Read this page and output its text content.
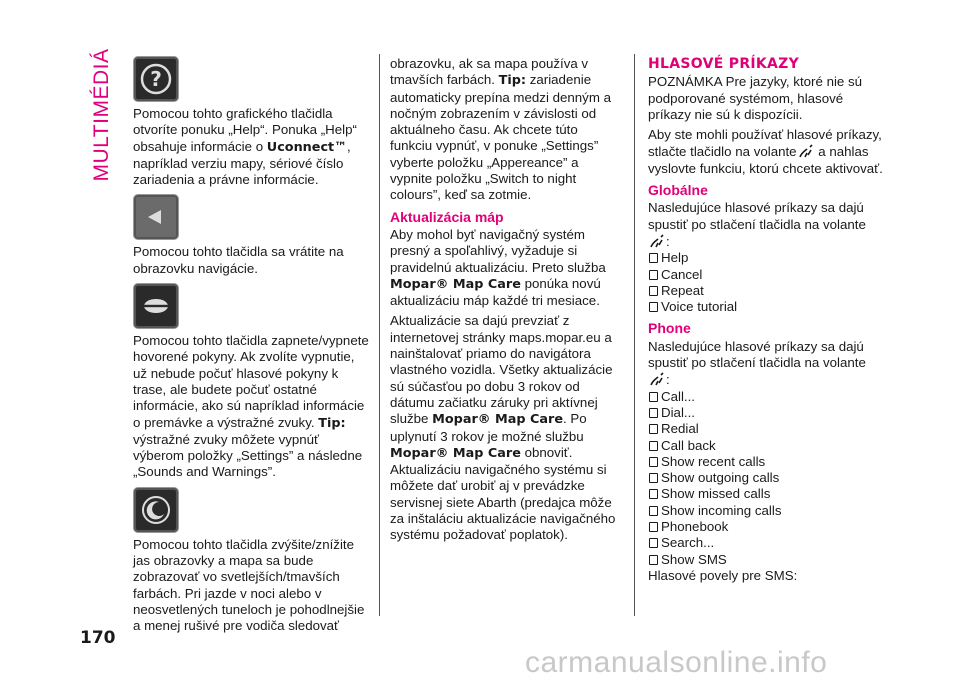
MULTIMÉDIÁ
170
?

Pomocou tohto grafického tlačidla otvoríte ponuku „Help“. Ponuka „Help“ obsahuje informácie o Uconnect™, napríklad verziu mapy, sériové číslo zariadenia a právne informácie.

Pomocou tohto tlačidla sa vrátite na obrazovku navigácie.

Pomocou tohto tlačidla zapnete/vypnete hovorené pokyny. Ak zvolíte vypnutie, už nebude počuť hlasové pokyny k trase, ale budete počuť ostatné informácie, ako sú napríklad informácie o premávke a výstražné zvuky. Tip: výstražné zvuky môžete vypnúť výberom položky „Settings” a následne „Sounds and Warnings”.

Pomocou tohto tlačidla zvýšite/znížite jas obrazovky a mapa sa bude zobrazovať vo svetlejších/tmavších farbách. Pri jazde v noci alebo v neosvetlených tuneloch je pohodlnejšie a menej rušivé pre vodiča sledovať

obrazovku, ak sa mapa používa v tmavších farbách. Tip: zariadenie automaticky prepína medzi denným a nočným zobrazením v závislosti od aktuálneho času. Ak chcete túto funkciu vypnúť, v ponuke „Settings” vyberte položku „Appereance” a vypnite položku „Switch to night colours”, keď sa zotmie.

Aktualizácia máp

Aby mohol byť navigačný systém presný a spoľahlivý, vyžaduje si pravidelnú aktualizáciu. Preto služba Mopar® Map Care ponúka novú aktualizáciu máp každé tri mesiace.

Aktualizácie sa dajú prevziať z internetovej stránky maps.mopar.eu a nainštalovať priamo do navigátora vlastného vozidla. Všetky aktualizácie sú súčasťou po dobu 3 rokov od dátumu začiatku záruky pri aktívnej službe Mopar® Map Care. Po uplynutí 3 rokov je možné službu Mopar® Map Care obnoviť.

Aktualizáciu navigačného systému si môžete dať urobiť aj v prevádzke servisnej siete Abarth (predajca môže za inštaláciu aktualizácie navigačného systému požadovať poplatok).

HLASOVÉ PRÍKAZY

POZNÁMKA Pre jazyky, ktoré nie sú podporované systémom, hlasové príkazy nie sú k dispozícii.

Aby ste mohli používať hlasové príkazy, stlačte tlačidlo na volante a nahlas vyslovte funkciu, ktorú chcete aktivovať.

Globálne

Nasledujúce hlasové príkazy sa dajú spustiť po stlačení tlačidla na volante
:

Help
Cancel
Repeat
Voice tutorial

Phone

Nasledujúce hlasové príkazy sa dajú spustiť po stlačení tlačidla na volante
:

Call...
Dial...
Redial
Call back
Show recent calls
Show outgoing calls
Show missed calls
Show incoming calls
Phonebook
Search...
Show SMS

Hlasové povely pre SMS:

carmanualsonline.info
